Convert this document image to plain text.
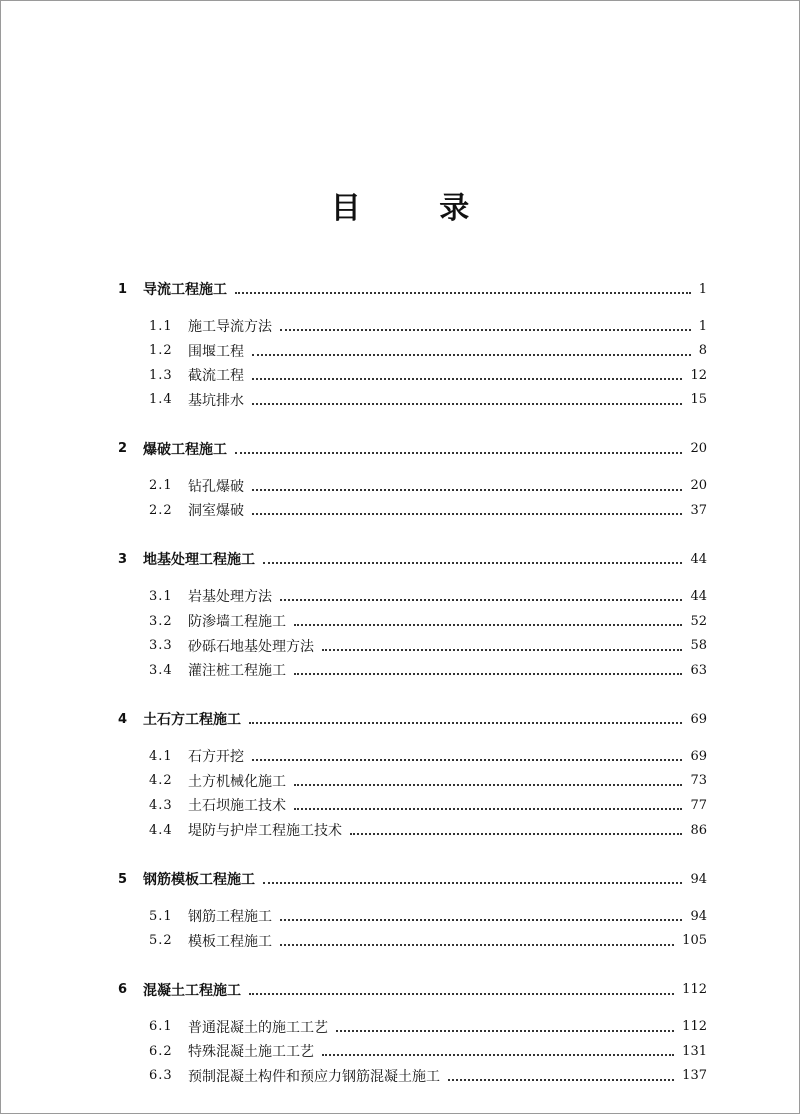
目 录
1	导流工程施工	1
1.1 施工导流方法	1
1.2 围堰工程	8
1.3 截流工程	12
1.4 基坑排水	15
2	爆破工程施工	20
2.1 钻孔爆破	20
2.2 洞室爆破	37
3	地基处理工程施工	44
3.1 岩基处理方法	44
3.2 防渗墙工程施工	52
3.3 砂砾石地基处理方法	58
3.4 灌注桩工程施工	63
4	土石方工程施工	69
4.1 石方开挖	69
4.2 土方机械化施工	73
4.3 土石坝施工技术	77
4.4 堤防与护岸工程施工技术	86
5	钢筋模板工程施工	94
5.1 钢筋工程施工	94
5.2 模板工程施工	105
6	混凝土工程施工	112
6.1 普通混凝土的施工工艺	112
6.2 特殊混凝土施工工艺	131
6.3 预制混凝土构件和预应力钢筋混凝土施工	137
